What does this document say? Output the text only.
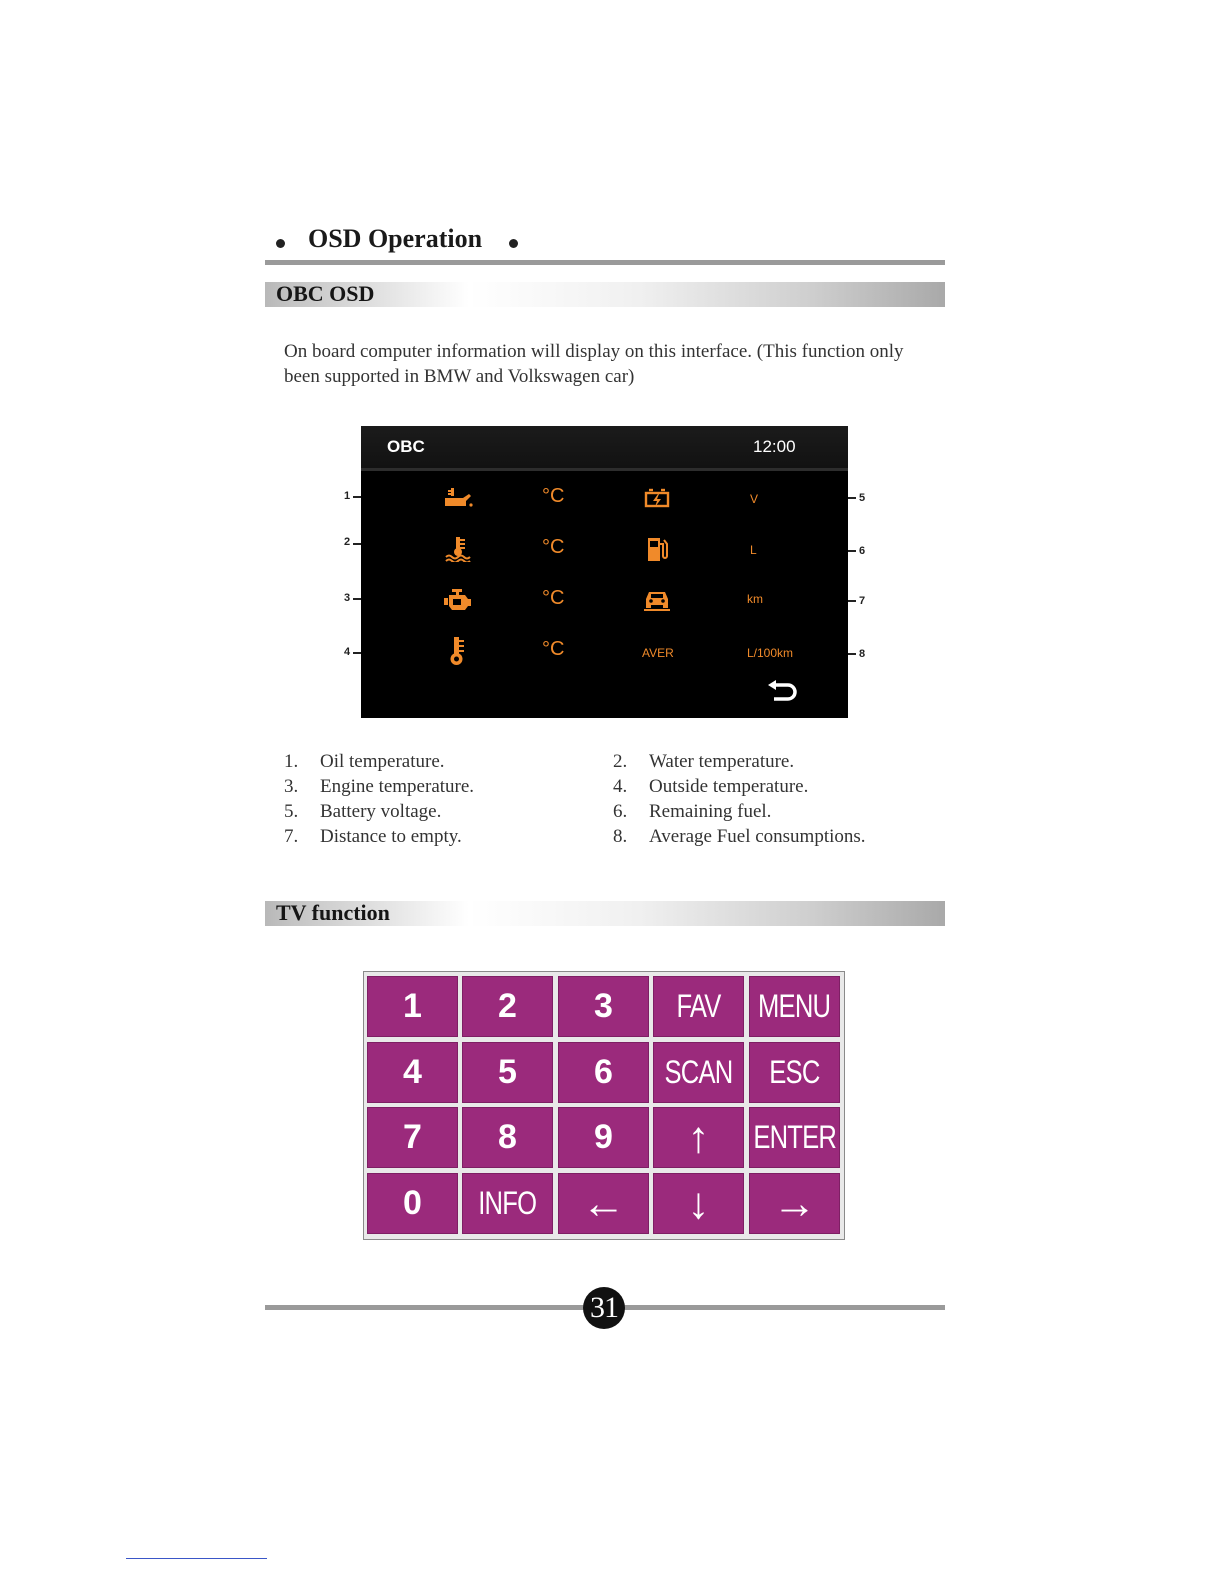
OSD Operation
OBC OSD
On board computer information will display on this interface. (This function only been supported in BMW and Volkswagen car)
OBC	12:00
°C	V
°C	L
°C	km
°C	AVER	L/100km
1
2
3
4
5
6
7
8
1. Oil temperature.	2. Water temperature.
3. Engine temperature.	4. Outside temperature.
5. Battery voltage.	6. Remaining fuel.
7. Distance to empty.	8. Average Fuel consumptions.
TV function
1 2 3 FAV MENU
4 5 6 SCAN ESC
7 8 9 ↑ ENTER
0 INFO ← ↓ →
31
